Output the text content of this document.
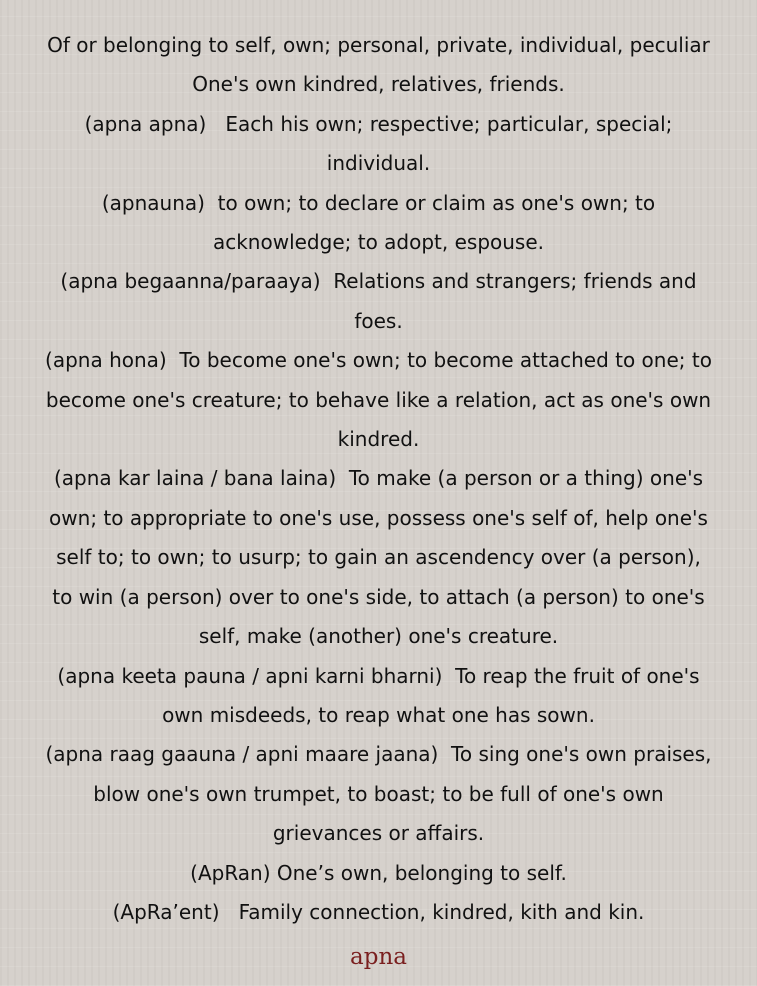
Of or belonging to self, own; personal, private, individual, peculiar
One's own kindred, relatives, friends.
(apna apna)   Each his own; respective; particular, special;
individual.
(apnauna)  to own; to declare or claim as one's own; to
acknowledge; to adopt, espouse.
(apna begaanna/paraaya)  Relations and strangers; friends and
foes.
(apna hona)  To become one's own; to become attached to one; to
become one's creature; to behave like a relation, act as one's own
kindred.
(apna kar laina / bana laina)  To make (a person or a thing) one's
own; to appropriate to one's use, possess one's self of, help one's
self to; to own; to usurp; to gain an ascendency over (a person),
to win (a person) over to one's side, to attach (a person) to one's
self, make (another) one's creature.
(apna keeta pauna / apni karni bharni)  To reap the fruit of one's
own misdeeds, to reap what one has sown.
(apna raag gaauna / apni maare jaana)  To sing one's own praises,
blow one's own trumpet, to boast; to be full of one's own
grievances or affairs.
(ApRan) One’s own, belonging to self.
(ApRa’ent)   Family connection, kindred, kith and kin.
apna
